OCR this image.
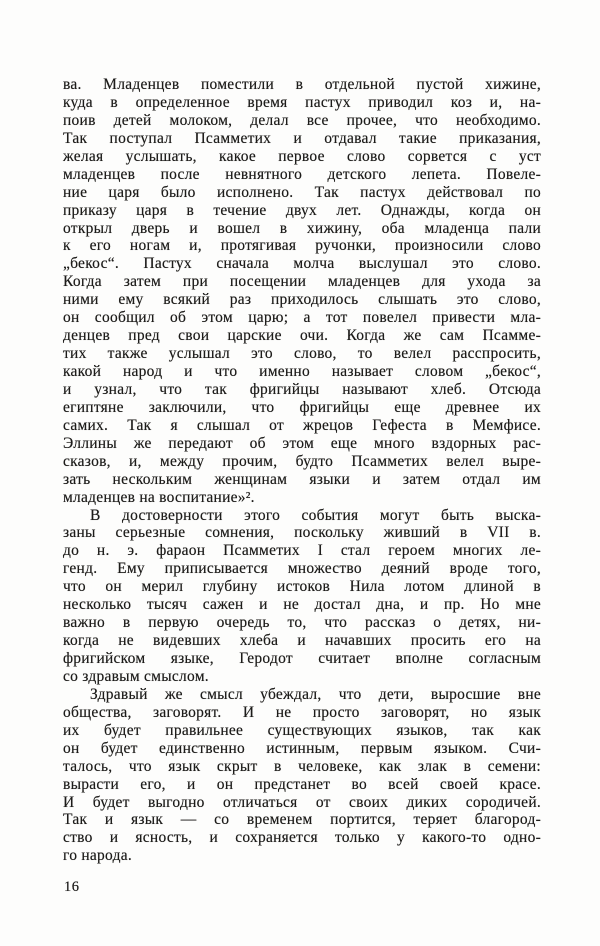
ва. Младенцев поместили в отдельной пустой хижине,
куда в определенное время пастух приводил коз и, на-
поив детей молоком, делал все прочее, что необходимо.
Так поступал Псамметих и отдавал такие приказания,
желая услышать, какое первое слово сорвется с уст
младенцев после невнятного детского лепета. Повеле-
ние царя было исполнено. Так пастух действовал по
приказу царя в течение двух лет. Однажды, когда он
открыл дверь и вошел в хижину, оба младенца пали
к его ногам и, протягивая ручонки, произносили слово
„бекос“. Пастух сначала молча выслушал это слово.
Когда затем при посещении младенцев для ухода за
ними ему всякий раз приходилось слышать это слово,
он сообщил об этом царю; а тот повелел привести мла-
денцев пред свои царские очи. Когда же сам Псамме-
тих также услышал это слово, то велел расспросить,
какой народ и что именно называет словом „бекос“,
и узнал, что так фригийцы называют хлеб. Отсюда
египтяне заключили, что фригийцы еще древнее их
самих. Так я слышал от жрецов Гефеста в Мемфисе.
Эллины же передают об этом еще много вздорных рас-
сказов, и, между прочим, будто Псамметих велел выре-
зать нескольким женщинам языки и затем отдал им
младенцев на воспитание»².
В достоверности этого события могут быть выска-
заны серьезные сомнения, поскольку живший в VII в.
до н. э. фараон Псамметих I стал героем многих ле-
генд. Ему приписывается множество деяний вроде того,
что он мерил глубину истоков Нила лотом длиной в
несколько тысяч сажен и не достал дна, и пр. Но мне
важно в первую очередь то, что рассказ о детях, ни-
когда не видевших хлеба и начавших просить его на
фригийском языке, Геродот считает вполне согласным
со здравым смыслом.
Здравый же смысл убеждал, что дети, выросшие вне
общества, заговорят. И не просто заговорят, но язык
их будет правильнее существующих языков, так как
он будет единственно истинным, первым языком. Счи-
талось, что язык скрыт в человеке, как злак в семени:
вырасти его, и он предстанет во всей своей красе.
И будет выгодно отличаться от своих диких сородичей.
Так и язык — со временем портится, теряет благород-
ство и ясность, и сохраняется только у какого-то одно-
го народа.
16
